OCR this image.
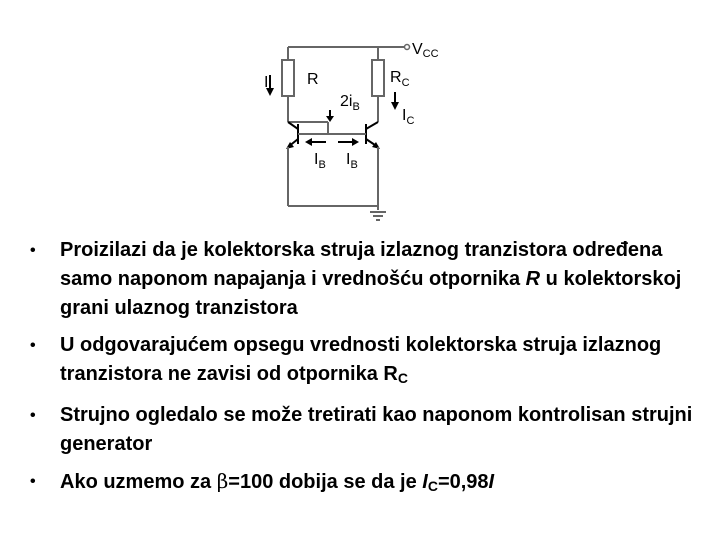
VCC
R	$R_C$
I
$I_C$
$2i_B$
$I_B$ $I_B$
• Proizilazi da je kolektorska struja izlaznog tranzistora određena samo naponom napajanja i vrednošću otpornika R u kolektorskoj grani ulaznog tranzistora
• U odgovarajućem opsegu vrednosti kolektorska struja izlaznog tranzistora ne zavisi od otpornika $R_C$
• Strujno ogledalo se može tretirati kao naponom kontrolisan strujni generator
• Ako uzmemo za β=100 dobija se da je $I_C=0,98I$
